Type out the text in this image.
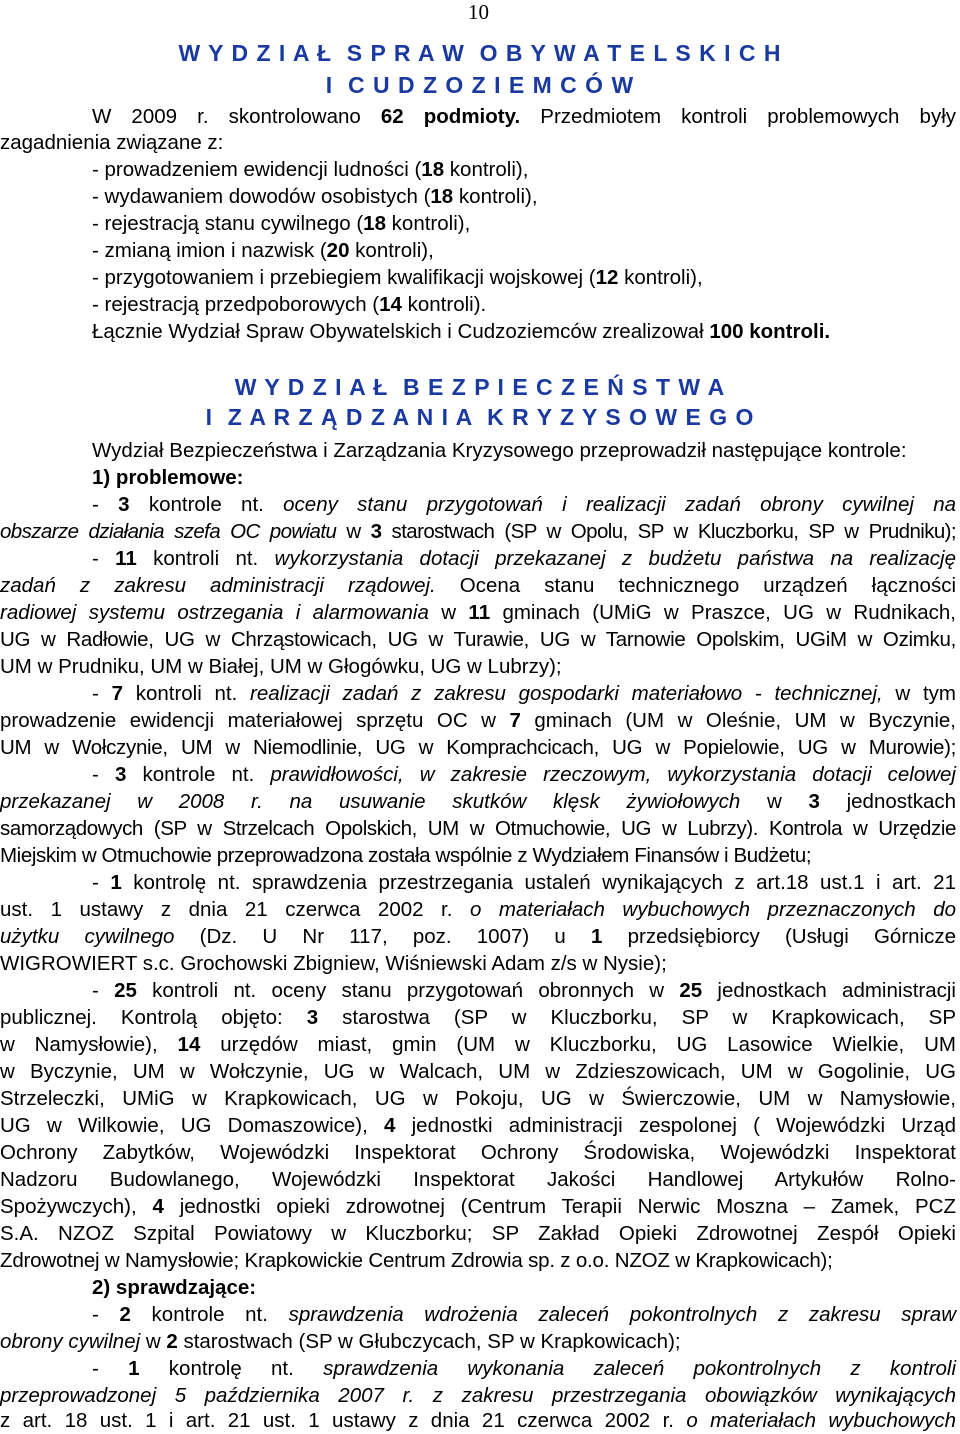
10
W Y D Z I A Ł  S P R A W  O B Y W A T E L S K I C H
I  C U D Z O Z I E M C Ó W
W 2009 r. skontrolowano 62 podmioty. Przedmiotem kontroli problemowych były
zagadnienia związane z:
- prowadzeniem ewidencji ludności (18 kontroli),
- wydawaniem dowodów osobistych (18 kontroli),
- rejestracją stanu cywilnego (18 kontroli),
- zmianą imion i nazwisk (20 kontroli),
- przygotowaniem i przebiegiem kwalifikacji wojskowej (12 kontroli),
- rejestracją przedpoborowych (14 kontroli).
Łącznie Wydział Spraw Obywatelskich i Cudzoziemców zrealizował 100 kontroli.
W Y D Z I A Ł  B E Z P I E C Z E Ń S T W A
I  Z A R Z Ą D Z A N I A  K R Y Z Y S O W E G O
Wydział Bezpieczeństwa i Zarządzania Kryzysowego przeprowadził następujące kontrole:
1) problemowe:
- 3 kontrole nt. oceny stanu przygotowań i realizacji zadań obrony cywilnej na
obszarze działania szefa OC powiatu w 3 starostwach (SP w Opolu, SP w Kluczborku, SP w Prudniku);
- 11 kontroli nt. wykorzystania dotacji przekazanej z budżetu państwa na realizację
zadań z zakresu administracji rządowej. Ocena stanu technicznego urządzeń łączności
radiowej systemu ostrzegania i alarmowania w 11 gminach (UMiG w Praszce, UG w Rudnikach,
UG w Radłowie, UG w Chrząstowicach, UG w Turawie, UG w Tarnowie Opolskim, UGiM w Ozimku,
UM w Prudniku, UM w Białej, UM w Głogówku, UG w Lubrzy);
- 7 kontroli nt. realizacji zadań z zakresu gospodarki materiałowo - technicznej, w tym
prowadzenie ewidencji materiałowej sprzętu OC w 7 gminach (UM w Oleśnie, UM w Byczynie,
UM w Wołczynie, UM w Niemodlinie, UG w Komprachcicach, UG w Popielowie, UG w Murowie);
- 3 kontrole nt. prawidłowości, w zakresie rzeczowym, wykorzystania dotacji celowej
przekazanej w 2008 r. na usuwanie skutków klęsk żywiołowych w 3 jednostkach
samorządowych (SP w Strzelcach Opolskich, UM w Otmuchowie, UG w Lubrzy). Kontrola w Urzędzie
Miejskim w Otmuchowie przeprowadzona została wspólnie z Wydziałem Finansów i Budżetu;
- 1 kontrolę nt. sprawdzenia przestrzegania ustaleń wynikających z art.18 ust.1 i art. 21
ust. 1 ustawy z dnia 21 czerwca 2002 r. o materiałach wybuchowych przeznaczonych do
użytku cywilnego (Dz. U Nr 117, poz. 1007) u 1 przedsiębiorcy (Usługi Górnicze
WIGROWIERT s.c. Grochowski Zbigniew, Wiśniewski Adam z/s w Nysie);
- 25 kontroli nt. oceny stanu przygotowań obronnych w 25 jednostkach administracji
publicznej. Kontrolą objęto: 3 starostwa (SP w Kluczborku, SP w Krapkowicach, SP
w Namysłowie), 14 urzędów miast, gmin (UM w Kluczborku, UG Lasowice Wielkie, UM
w Byczynie, UM w Wołczynie, UG w Walcach, UM w Zdzieszowicach, UM w Gogolinie, UG
Strzeleczki, UMiG w Krapkowicach, UG w Pokoju, UG w Świerczowie, UM w Namysłowie,
UG w Wilkowie, UG Domaszowice), 4 jednostki administracji zespolonej ( Wojewódzki Urząd
Ochrony Zabytków, Wojewódzki Inspektorat Ochrony Środowiska, Wojewódzki Inspektorat
Nadzoru Budowlanego, Wojewódzki Inspektorat Jakości Handlowej Artykułów Rolno-
Spożywczych), 4 jednostki opieki zdrowotnej (Centrum Terapii Nerwic Moszna – Zamek, PCZ
S.A. NZOZ Szpital Powiatowy w Kluczborku; SP Zakład Opieki Zdrowotnej Zespół Opieki
Zdrowotnej w Namysłowie; Krapkowickie Centrum Zdrowia sp. z o.o. NZOZ w Krapkowicach);
2) sprawdzające:
- 2 kontrole nt. sprawdzenia wdrożenia zaleceń pokontrolnych z zakresu spraw
obrony cywilnej w 2 starostwach (SP w Głubczycach, SP w Krapkowicach);
- 1 kontrolę nt. sprawdzenia wykonania zaleceń pokontrolnych z kontroli
przeprowadzonej 5 października 2007 r. z zakresu przestrzegania obowiązków wynikających
z art. 18 ust. 1 i art. 21 ust. 1 ustawy z dnia 21 czerwca 2002 r. o materiałach wybuchowych
